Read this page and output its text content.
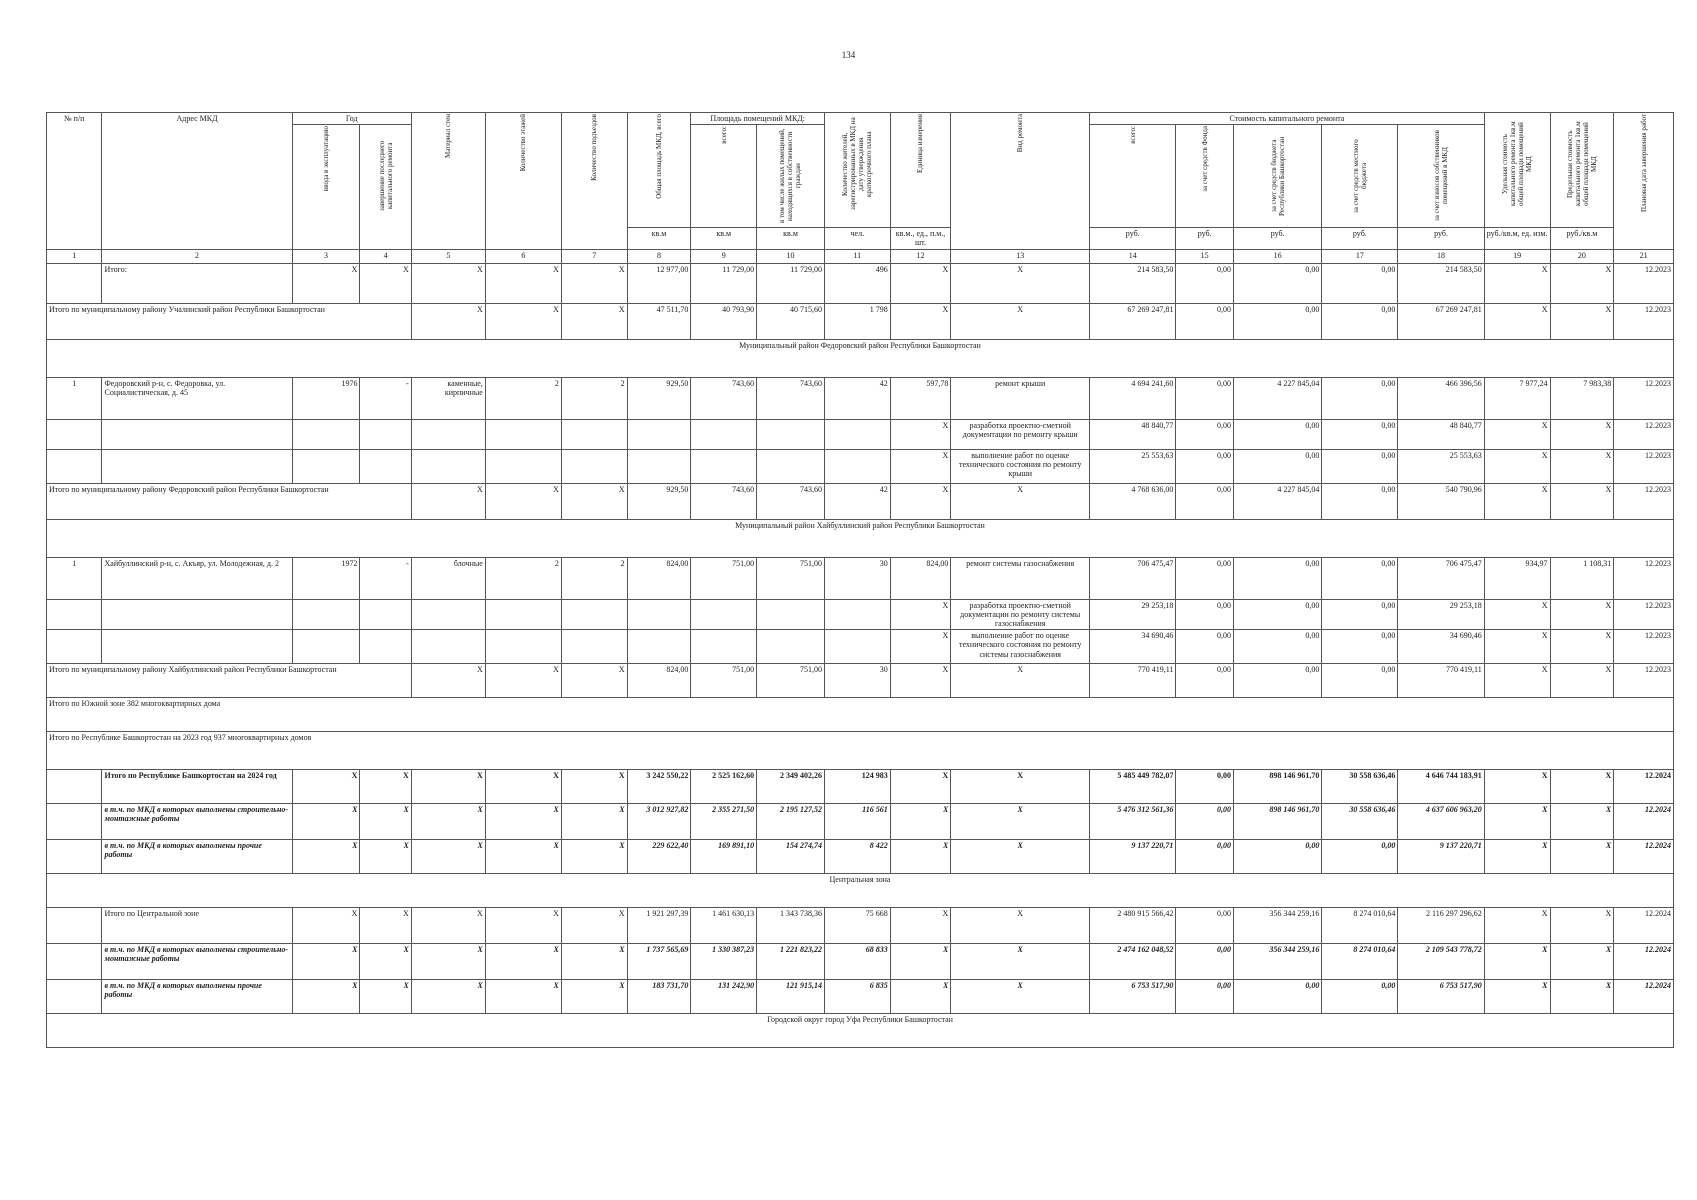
134
№ п/п	Адрес МКД	Год		Материал стен	Количество этажей	Количество подъездов	Общая площадь МКД, всего	Площадь помещений МКД:		Количество жителей, зарегистрированных в МКД на дату утверждения краткосрочного плана	Единица измерения	Вид ремонта	Стоимость капитального ремонта					Удельная стоимость капитального ремонта 1кв.м общей площади помещений МКД	Предельная стоимость капитального ремонта 1кв.м общей площади помещений МКД	Плановая дата завершения работ

		ввода в эксплуатацию	завершение последнего капитального ремонта					всего:	в том числе жилых помещений, находящихся в собственности граждан				всего:	за счет средств Фонда	за счет средств бюджета Республики Башкортостан	за счет средств местного бюджета	за счет взносов собственников помещений в МКД			

							кв.м	кв.м	кв.м	чел.	кв.м., ед., п.м., шт.		руб.	руб.	руб.	руб.	руб.	руб./кв.м, ед. изм.	руб./кв.м	
1	2	3	4	5	6	7	8	9	10	11	12	13	14	15	16	17	18	19	20	21
	Итого:	X	X	X	X	X	12 977,00	11 729,00	11 729,00	496	X	X	214 583,50	0,00	0,00	0,00	214 583,50	X	X	12.2023
Итого по муниципальному району Учалинский район Республики Башкортостан				X	X	X	47 511,70	40 793,90	40 715,60	1 798	X	X	67 269 247,81	0,00	0,00	0,00	67 269 247,81	X	X	12.2023
Муниципальный район Федоровский район Республики Башкортостан																				
1	Федоровский р-н, с. Федоровка, ул. Социалистическая, д. 45	1976	-	каменные, кирпичные	2	2	929,50	743,60	743,60	42	597,78	ремонт крыши	4 694 241,60	0,00	4 227 845,04	0,00	466 396,56	7 977,24	7 983,38	12.2023
											X	разработка проектно-сметной документации по ремонту крыши	48 840,77	0,00	0,00	0,00	48 840,77	X	X	12.2023
											X	выполнение работ по оценке технического состояния по ремонту крыши	25 553,63	0,00	0,00	0,00	25 553,63	X	X	12.2023
Итого по муниципальному району Федоровский район Республики Башкортостан				X	X	X	929,50	743,60	743,60	42	X	X	4 768 636,00	0,00	4 227 845,04	0,00	540 790,96	X	X	12.2023
Муниципальный район Хайбуллинский район Республики Башкортостан																				
1	Хайбуллинский р-н, с. Акъяр, ул. Молодежная, д. 2	1972	-	блочные	2	2	824,00	751,00	751,00	30	824,00	ремонт системы газоснабжения	706 475,47	0,00	0,00	0,00	706 475,47	934,97	1 108,31	12.2023
											X	разработка проектно-сметной документации по ремонту системы газоснабжения	29 253,18	0,00	0,00	0,00	29 253,18	X	X	12.2023
											X	выполнение работ по оценке технического состояния по ремонту системы газоснабжения	34 690,46	0,00	0,00	0,00	34 690,46	X	X	12.2023
Итого по муниципальному району Хайбуллинский район Республики Башкортостан				X	X	X	824,00	751,00	751,00	30	X	X	770 419,11	0,00	0,00	0,00	770 419,11	X	X	12.2023
Итого по Южной зоне 382 многоквартирных дома																				
Итого по Республике Башкортостан на 2023 год 937 многоквартирных домов																				
	Итого по Республике Башкортостан на 2024 год	X	X	X	X	X	3 242 550,22	2 525 162,60	2 349 402,26	124 983	X	X	5 485 449 782,07	0,00	898 146 961,70	30 558 636,46	4 646 744 183,91	X	X	12.2024
	в т.ч. по МКД в которых выполнены строительно-монтажные работы	X	X	X	X	X	3 012 927,82	2 355 271,50	2 195 127,52	116 561	X	X	5 476 312 561,36	0,00	898 146 961,70	30 558 636,46	4 637 606 963,20	X	X	12.2024
	в т.ч. по МКД в которых выполнены прочие работы	X	X	X	X	X	229 622,40	169 891,10	154 274,74	8 422	X	X	9 137 220,71	0,00	0,00	0,00	9 137 220,71	X	X	12.2024
Центральная зона																				
	Итого по Центральной зоне	X	X	X	X	X	1 921 297,39	1 461 630,13	1 343 738,36	75 668	X	X	2 480 915 566,42	0,00	356 344 259,16	8 274 010,64	2 116 297 296,62	X	X	12.2024
	в т.ч. по МКД в которых выполнены строительно-монтажные работы	X	X	X	X	X	1 737 565,69	1 330 387,23	1 221 823,22	68 833	X	X	2 474 162 048,52	0,00	356 344 259,16	8 274 010,64	2 109 543 778,72	X	X	12.2024
	в т.ч. по МКД в которых выполнены прочие работы	X	X	X	X	X	183 731,70	131 242,90	121 915,14	6 835	X	X	6 753 517,90	0,00	0,00	0,00	6 753 517,90	X	X	12.2024
Городской округ город Уфа Республики Башкортостан																				
